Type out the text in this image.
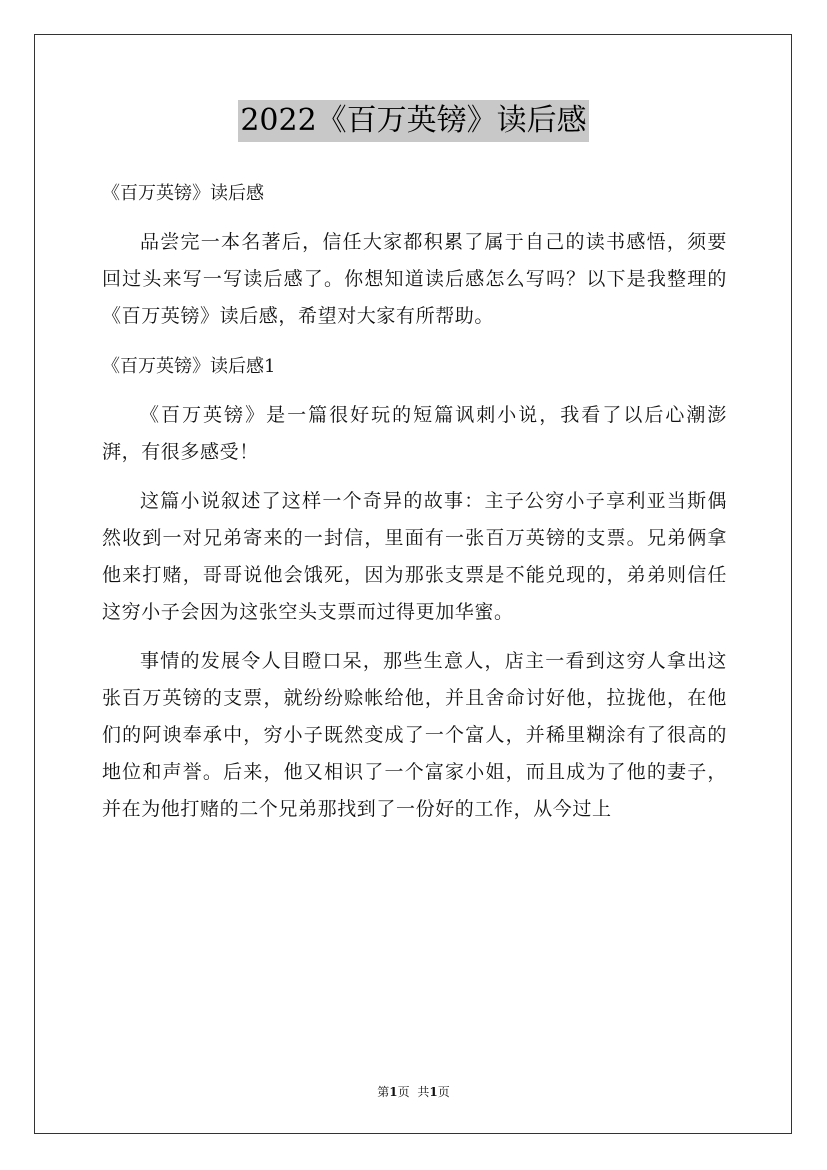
2022《百万英镑》读后感
《百万英镑》读后感

品尝完一本名著后，信任大家都积累了属于自己的读书感悟，须要回过头来写一写读后感了。你想知道读后感怎么写吗？以下是我整理的《百万英镑》读后感，希望对大家有所帮助。

《百万英镑》读后感1

《百万英镑》是一篇很好玩的短篇讽刺小说，我看了以后心潮澎湃，有很多感受！

这篇小说叙述了这样一个奇异的故事：主子公穷小子享利亚当斯偶然收到一对兄弟寄来的一封信，里面有一张百万英镑的支票。兄弟俩拿他来打赌，哥哥说他会饿死，因为那张支票是不能兑现的，弟弟则信任这穷小子会因为这张空头支票而过得更加华蜜。

事情的发展令人目瞪口呆，那些生意人，店主一看到这穷人拿出这张百万英镑的支票，就纷纷赊帐给他，并且舍命讨好他，拉拢他，在他们的阿谀奉承中，穷小子既然变成了一个富人，并稀里糊涂有了很高的地位和声誉。后来，他又相识了一个富家小姐，而且成为了他的妻子，并在为他打赌的二个兄弟那找到了一份好的工作，从今过上

第1页 共1页
